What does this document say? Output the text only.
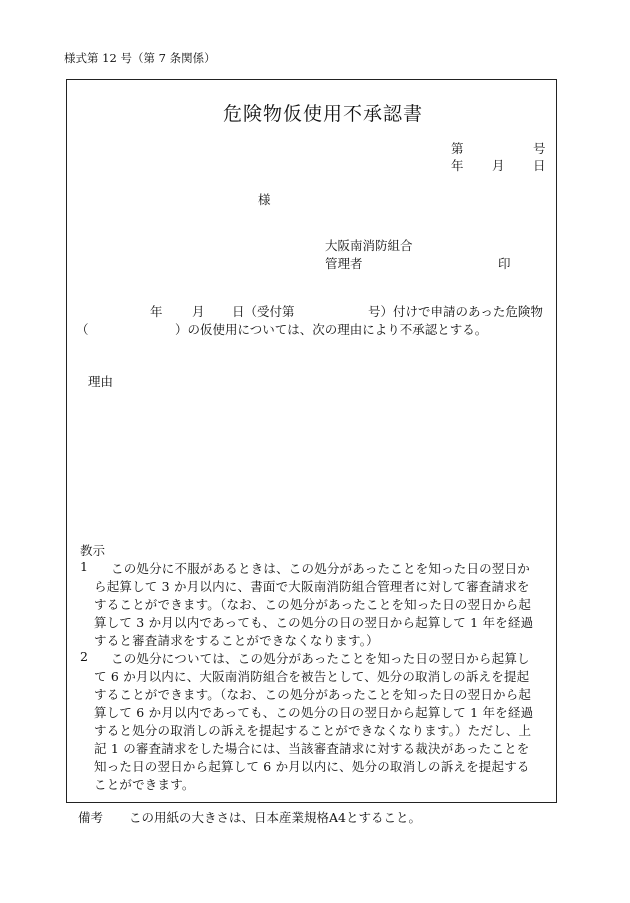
様式第 12 号（第 7 条関係）
危険物仮使用不承認書
第	号
年 月 日
様
大阪南消防組合
管理者	印
年 月 日（受付第	号）付けで申請のあった危険物
（	）の仮使用については、次の理由により不承認とする。
理由
教示
1 この処分に不服があるときは、この処分があったことを知った日の翌日か
ら起算して 3 か月以内に、書面で大阪南消防組合管理者に対して審査請求を
することができます。（なお、この処分があったことを知った日の翌日から起
算して 3 か月以内であっても、この処分の日の翌日から起算して 1 年を経過
すると審査請求をすることができなくなります。）
2 この処分については、この処分があったことを知った日の翌日から起算し
て 6 か月以内に、大阪南消防組合を被告として、処分の取消しの訴えを提起
することができます。（なお、この処分があったことを知った日の翌日から起
算して 6 か月以内であっても、この処分の日の翌日から起算して 1 年を経過
すると処分の取消しの訴えを提起することができなくなります。）ただし、上
記 1 の審査請求をした場合には、当該審査請求に対する裁決があったことを
知った日の翌日から起算して 6 か月以内に、処分の取消しの訴えを提起する
ことができます。
備考 この用紙の大きさは、日本産業規格A4とすること。
